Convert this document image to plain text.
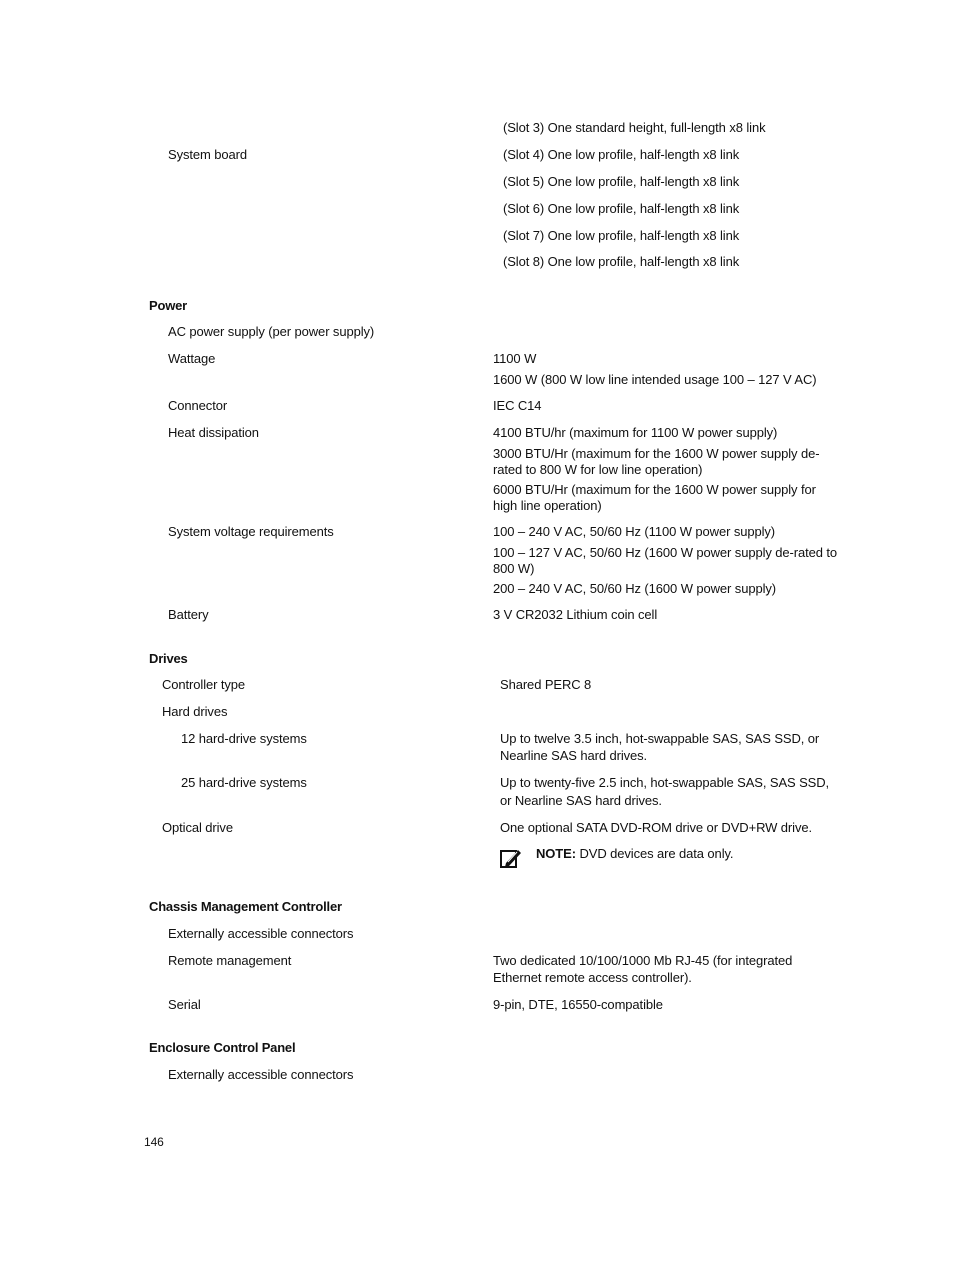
(Slot 3) One standard height, full-length x8 link
System board	(Slot 4) One low profile, half-length x8 link
(Slot 5) One low profile, half-length x8 link
(Slot 6) One low profile, half-length x8 link
(Slot 7) One low profile, half-length x8 link
(Slot 8) One low profile, half-length x8 link
Power
AC power supply (per power supply)
Wattage	1100 W
1600 W (800 W low line intended usage 100 – 127 V AC)
Connector	IEC C14
Heat dissipation	4100 BTU/hr (maximum for 1100 W power supply)
3000 BTU/Hr (maximum for the 1600 W power supply de-
rated to 800 W for low line operation)
6000 BTU/Hr (maximum for the 1600 W power supply for
high line operation)
System voltage requirements	100 – 240 V AC, 50/60 Hz (1100 W power supply)
100 – 127 V AC, 50/60 Hz (1600 W power supply de-rated to
800 W)
200 – 240 V AC, 50/60 Hz (1600 W power supply)
Battery	3 V CR2032 Lithium coin cell
Drives
Controller type	Shared PERC 8
Hard drives
12 hard-drive systems	Up to twelve 3.5 inch, hot-swappable SAS, SAS SSD, or
Nearline SAS hard drives.
25 hard-drive systems	Up to twenty-five 2.5 inch, hot-swappable SAS, SAS SSD,
or Nearline SAS hard drives.
Optical drive	One optional SATA DVD-ROM drive or DVD+RW drive.
NOTE: DVD devices are data only.
Chassis Management Controller
Externally accessible connectors
Remote management	Two dedicated 10/100/1000 Mb RJ-45 (for integrated
Ethernet remote access controller).
Serial	9-pin, DTE, 16550-compatible
Enclosure Control Panel
Externally accessible connectors
146
